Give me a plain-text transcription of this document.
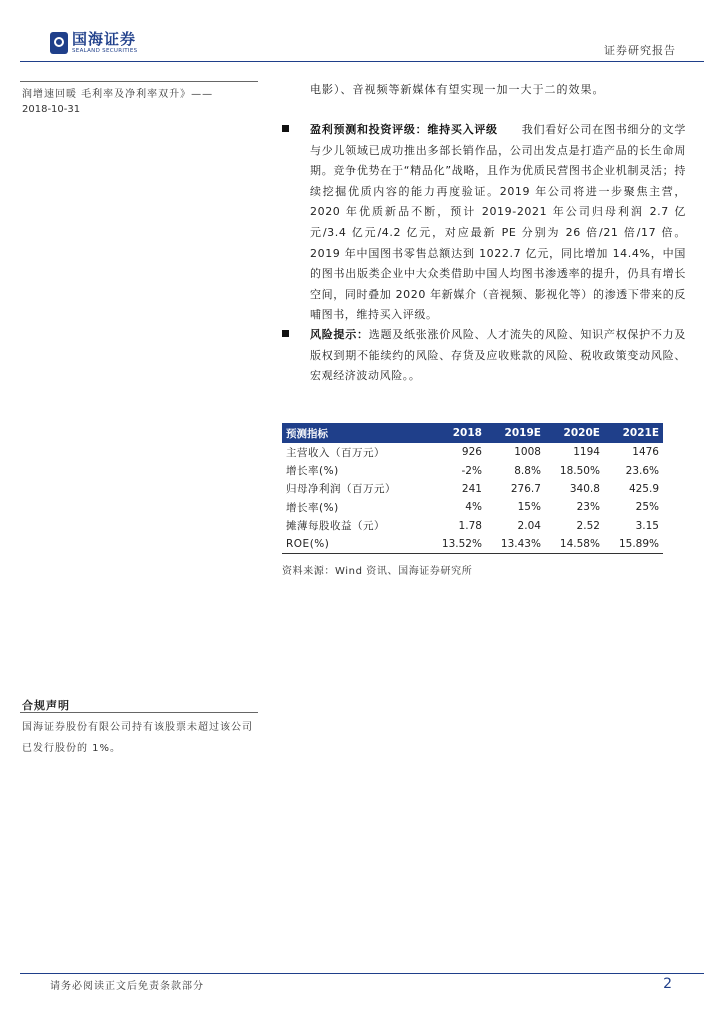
国海证券
SEALAND SECURITIES	证券研究报告
润增速回暖 毛利率及净利率双升》——
2018-10-31
合规声明
国海证券股份有限公司持有该股票未超过该公司已发行股份的 1%。
电影）、音视频等新媒体有望实现一加一大于二的效果。
盈利预测和投资评级：维持买入评级 我们看好公司在图书细分的文学与少儿领域已成功推出多部长销作品，公司出发点是打造产品的长生命周期。竞争优势在于“精品化”战略，且作为优质民营图书企业机制灵活；持续挖掘优质内容的能力再度验证。2019 年公司将进一步聚焦主营，2020 年优质新品不断，预计 2019-2021 年公司归母利润 2.7 亿元/3.4 亿元/4.2 亿元，对应最新 PE 分别为 26 倍/21 倍/17 倍。2019 年中国图书零售总额达到 1022.7 亿元，同比增加 14.4%，中国的图书出版类企业中大众类借助中国人均图书渗透率的提升，仍具有增长空间，同时叠加 2020 年新媒介（音视频、影视化等）的渗透下带来的反哺图书，维持买入评级。
风险提示：选题及纸张涨价风险、人才流失的风险、知识产权保护不力及版权到期不能续约的风险、存货及应收账款的风险、税收政策变动风险、宏观经济波动风险。。
预测指标	2018	2019E	2020E	2021E
主营收入（百万元）	926	1008	1194	1476
增长率(%)	-2%	8.8%	18.50%	23.6%
归母净利润（百万元）	241	276.7	340.8	425.9
增长率(%)	4%	15%	23%	25%
摊薄每股收益（元）	1.78	2.04	2.52	3.15
ROE(%)	13.52%	13.43%	14.58%	15.89%
资料来源：Wind 资讯、国海证券研究所
请务必阅读正文后免责条款部分	2
